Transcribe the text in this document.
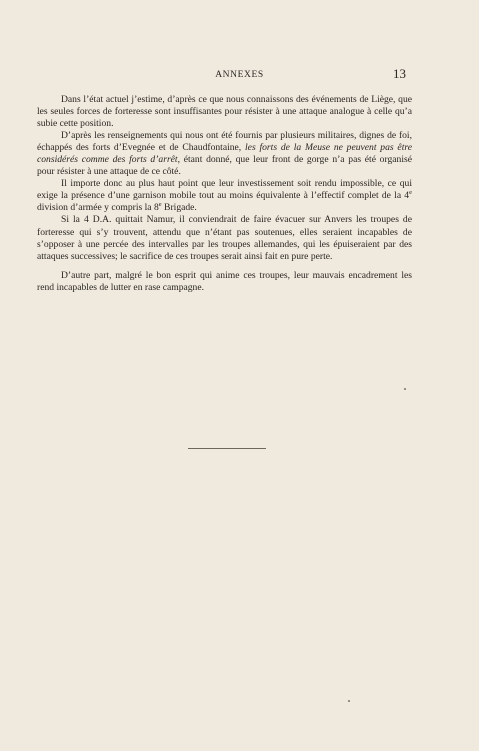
ANNEXES	13

Dans l’état actuel j’estime, d’après ce que nous connaissons des événements de Liège, que les seules forces de forteresse sont insuffisantes pour résister à une attaque analogue à celle qu’a subie cette position.

D’après les renseignements qui nous ont été fournis par plusieurs militaires, dignes de foi, échappés des forts d’Evegnée et de Chaudfontaine, les forts de la Meuse ne peuvent pas être considérés comme des forts d’arrêt, étant donné, que leur front de gorge n’a pas été organisé pour résister à une attaque de ce côté.

Il importe donc au plus haut point que leur investissement soit rendu impossible, ce qui exige la présence d’une garnison mobile tout au moins équivalente à l’effectif complet de la 4e division d’armée y compris la 8e Brigade.

Si la 4 D.A. quittait Namur, il conviendrait de faire évacuer sur Anvers les troupes de forteresse qui s’y trouvent, attendu que n’étant pas soutenues, elles seraient incapables de s’opposer à une percée des intervalles par les troupes allemandes, qui les épuiseraient par des attaques successives; le sacrifice de ces troupes serait ainsi fait en pure perte.

D’autre part, malgré le bon esprit qui anime ces troupes, leur mauvais encadrement les rend incapables de lutter en rase campagne.
